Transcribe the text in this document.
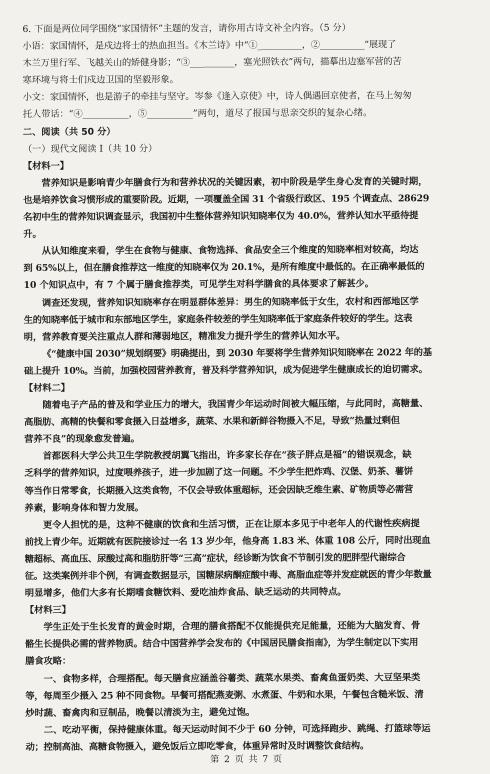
6. 下面是两位同学围绕“家国情怀”主题的发言，请你用古诗文补全内容。（5 分）
小语：家国情怀，是戍边将士的热血担当。《木兰诗》中“①__________，②__________”展现了
木兰万里行军、飞越关山的矫健身影；“③__________，塞光照铁衣”两句，描摹出边塞军营的苦
寒环境与将士们戍边卫国的坚毅形象。
小文：家国情怀，也是游子的牵挂与坚守。岑参《逢入京使》中，诗人偶遇回京使者，在马上匆匆
托人带话：“④__________，⑤__________”两句，道尽了报国与思亲交织的复杂心绪。
二、阅读（共 50 分）
（一）现代文阅读 I（共 10 分）
【材料一】
营养知识是影响青少年膳食行为和营养状况的关键因素，初中阶段是学生身心发育的关键时期，
也是培养饮食习惯形成的重要阶段。近期，一项覆盖全国 31 个省级行政区、195 个调查点、28629
名初中生的营养知识调查显示，我国初中生整体营养知识知晓率仅为 40.0%，营养认知水平亟待提
升。
从认知维度来看，学生在食物与健康、食物选择、食品安全三个维度的知晓率相对较高，均达
到 65%以上，但在膳食推荐这一维度的知晓率仅为 20.1%，是所有维度中最低的。在正确率最低的
10 个知识点中，有 7 个属于膳食推荐类，可见学生对科学膳食的具体要求了解甚少。
调查还发现，营养知识知晓率存在明显群体差异：男生的知晓率低于女生，农村和西部地区学
生的知晓率低于城市和东部地区学生，家庭条件较差的学生知晓率低于家庭条件较好的学生。这表
明，营养教育要关注重点人群和薄弱地区，精准发力提升学生的营养认知水平。
《“健康中国 2030”规划纲要》明确提出，到 2030 年要将学生营养知识知晓率在 2022 年的基
础上提升 10%。当前，加强校园营养教育，普及科学营养知识，成为促进学生健康成长的迫切需求。
【材料二】
随着电子产品的普及和学业压力的增大，我国青少年运动时间被大幅压缩，与此同时，高糖量、
高脂肪、高精的快餐和零食摄入日益增多，蔬菜、水果和新鲜谷物摄入不足，导致“热量过剩但
营养不良”的现象愈发普遍。
首都医科大学公共卫生学院教授胡翼飞指出，许多家长存在“孩子胖点是福”的错误观念，缺
乏科学的营养知识，过度喂养孩子，进一步加剧了这一问题。不少学生把炸鸡、汉堡、奶茶、薯饼
等当作日常零食，长期摄入这类食物，不仅会导致体重超标，还会因缺乏维生素、矿物质等必需营
养素，影响身体和智力发展。
更令人担忧的是，这种不健康的饮食和生活习惯，正在让原本多见于中老年人的代谢性疾病提
前找上青少年。近期就有医院接诊过一名 13 岁少年，他身高 1.83 米、体重 108 公斤，同时出现血
糖超标、高血压、尿酸过高和脂肪肝等“三高”症状，经诊断为饮食不节制引发的肥胖型代谢综合
征。这类案例并非个例，有调查数据显示，国糖尿病酮症酸中毒、高脂血症等并发症就医的青少年数量
明显增多，他们大多有长期嗜食糖饮料、爱吃油炸食品、缺乏运动的共同特点。
【材料三】
学生正处于生长发育的黄金时期，合理的膳食搭配不仅能提供充足能量，还能为大脑发育、骨
骼生长提供必需的营养物质。结合中国营养学会发布的《中国居民膳食指南》，为学生制定以下实用
膳食攻略：
一、食物多样，合理搭配。每天膳食应涵盖谷薯类、蔬菜水果类、畜禽鱼蛋奶类、大豆坚果类
等，每周至少摄入 25 种不同食物。早餐可搭配燕麦粥、水煮蛋、牛奶和水果，午餐包含糙米饭、清
炒时蔬、畜禽肉和豆制品，晚餐以清淡为主，避免过饱。
二、吃动平衡，保持健康体重。每天运动时间不少于 60 分钟，可选择跑步、跳绳、打篮球等运
动；控制高油、高糖食物摄入，避免饭后立即吃零食，体重异常时及时调整饮食结构。
第 2 页 共 7 页
